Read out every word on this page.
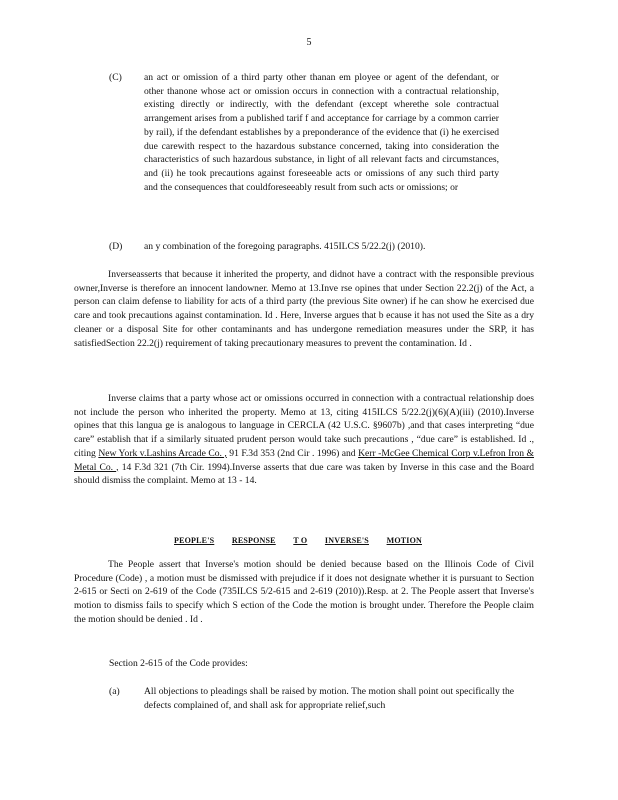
5
(C)	an act or omission of a third party other thanan em ployee or agent of the defendant, or other thanone whose act or omission occurs in connection with a contractual relationship, existing directly or indirectly, with the defendant (except wherethe sole contractual arrangement arises from a published tarif f and acceptance for carriage by a common carrier by rail), if the defendant establishes by a preponderance of the evidence that (i) he exercised due carewith respect to the hazardous substance concerned, taking into consideration the characteristics of such hazardous substance, in light of all relevant facts and circumstances, and (ii) he took precautions against foreseeable acts or omissions of any such third party and the consequences that couldforeseeably result from such acts or omissions; or
(D)	an y combination of the foregoing paragraphs. 415ILCS 5/22.2(j) (2010).
Inverseasserts that because it inherited the property, and didnot have a contract with the responsible previous owner,Inverse is therefore an innocent landowner. Memo at 13.Inve rse opines that under Section 22.2(j) of the Act, a person can claim defense to liability for acts of a third party (the previous Site owner) if he can show he exercised due care and took precautions against contamination. Id . Here, Inverse argues that b ecause it has not used the Site as a dry cleaner or a disposal Site for other contaminants and has undergone remediation measures under the SRP, it has satisfiedSection 22.2(j) requirement of taking precautionary measures to prevent the contamination. Id .
Inverse claims that a party whose act or omissions occurred in connection with a contractual relationship does not include the person who inherited the property. Memo at 13, citing 415ILCS 5/22.2(j)(6)(A)(iii) (2010).Inverse opines that this langua ge is analogous to language in CERCLA (42 U.S.C. §9607b) ,and that cases interpreting “due care” establish that if a similarly situated prudent person would take such precautions , “due care” is established. Id ., citing New York v.Lashins Arcade Co. , 91 F.3d 353 (2nd Cir . 1996) and Kerr -McGee Chemical Corp v.Lefron Iron & Metal Co. , 14 F.3d 321 (7th Cir. 1994).Inverse asserts that due care was taken by Inverse in this case and the Board should dismiss the complaint. Memo at 13 - 14.
PEOPLE'S RESPONSE T O INVERSE'S MOTION
The People assert that Inverse's motion should be denied because based on the Illinois Code of Civil Procedure (Code) , a motion must be dismissed with prejudice if it does not designate whether it is pursuant to Section 2-615 or Secti on 2-619 of the Code (735ILCS 5/2-615 and 2-619 (2010)).Resp. at 2. The People assert that Inverse's motion to dismiss fails to specify which S ection of the Code the motion is brought under. Therefore the People claim the motion should be denied . Id .
Section 2-615 of the Code provides:
(a)	All objections to pleadings shall be raised by motion. The motion shall point out specifically the defects complained of, and shall ask for appropriate relief,such
